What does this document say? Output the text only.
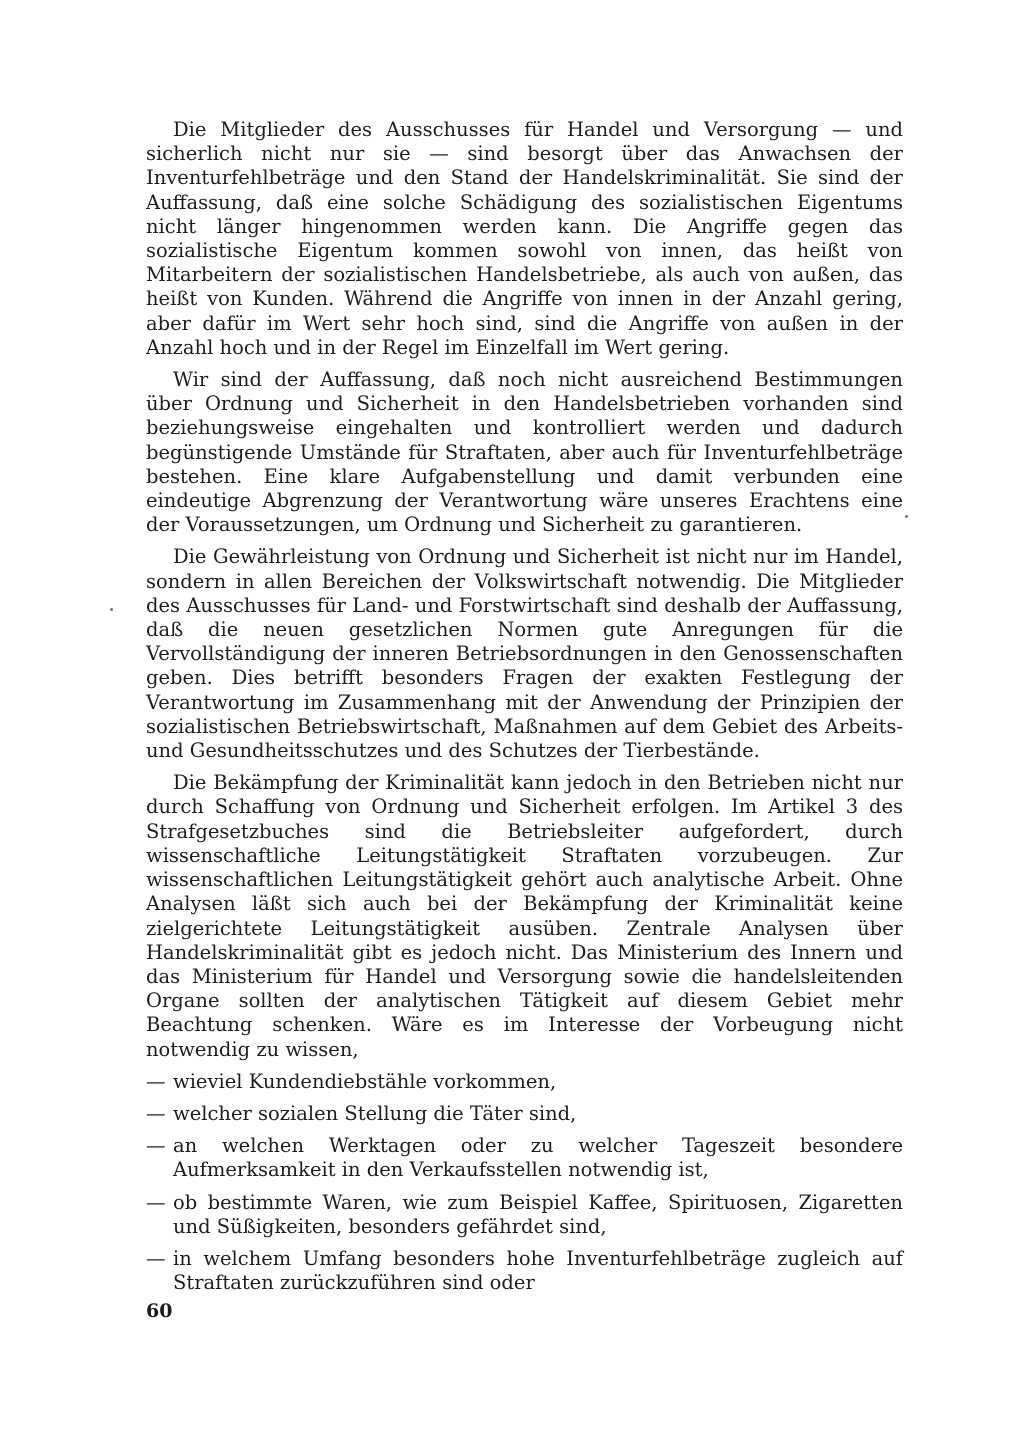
Die Mitglieder des Ausschusses für Handel und Versorgung — und sicherlich nicht nur sie — sind besorgt über das Anwachsen der Inventurfehlbeträge und den Stand der Handelskriminalität. Sie sind der Auffassung, daß eine solche Schädigung des sozialistischen Eigentums nicht länger hingenommen werden kann. Die Angriffe gegen das sozialistische Eigentum kommen sowohl von innen, das heißt von Mitarbeitern der sozialistischen Handelsbetriebe, als auch von außen, das heißt von Kunden. Während die Angriffe von innen in der Anzahl gering, aber dafür im Wert sehr hoch sind, sind die Angriffe von außen in der Anzahl hoch und in der Regel im Einzelfall im Wert gering.

Wir sind der Auffassung, daß noch nicht ausreichend Bestimmungen über Ordnung und Sicherheit in den Handelsbetrieben vorhanden sind beziehungsweise eingehalten und kontrolliert werden und dadurch begünstigende Umstände für Straftaten, aber auch für Inventurfehlbeträge bestehen. Eine klare Aufgabenstellung und damit verbunden eine eindeutige Abgrenzung der Verantwortung wäre unseres Erachtens eine der Voraussetzungen, um Ordnung und Sicherheit zu garantieren.

Die Gewährleistung von Ordnung und Sicherheit ist nicht nur im Handel, sondern in allen Bereichen der Volkswirtschaft notwendig. Die Mitglieder des Ausschusses für Land- und Forstwirtschaft sind deshalb der Auffassung, daß die neuen gesetzlichen Normen gute Anregungen für die Vervollständigung der inneren Betriebsordnungen in den Genossenschaften geben. Dies betrifft besonders Fragen der exakten Festlegung der Verantwortung im Zusammenhang mit der Anwendung der Prinzipien der sozialistischen Betriebswirtschaft, Maßnahmen auf dem Gebiet des Arbeits- und Gesundheitsschutzes und des Schutzes der Tierbestände.

Die Bekämpfung der Kriminalität kann jedoch in den Betrieben nicht nur durch Schaffung von Ordnung und Sicherheit erfolgen. Im Artikel 3 des Strafgesetzbuches sind die Betriebsleiter aufgefordert, durch wissenschaftliche Leitungstätigkeit Straftaten vorzubeugen. Zur wissenschaftlichen Leitungstätigkeit gehört auch analytische Arbeit. Ohne Analysen läßt sich auch bei der Bekämpfung der Kriminalität keine zielgerichtete Leitungstätigkeit ausüben. Zentrale Analysen über Handelskriminalität gibt es jedoch nicht. Das Ministerium des Innern und das Ministerium für Handel und Versorgung sowie die handelsleitenden Organe sollten der analytischen Tätigkeit auf diesem Gebiet mehr Beachtung schenken. Wäre es im Interesse der Vorbeugung nicht notwendig zu wissen,

— wieviel Kundendiebstähle vorkommen,
— welcher sozialen Stellung die Täter sind,
— an welchen Werktagen oder zu welcher Tageszeit besondere Aufmerksamkeit in den Verkaufsstellen notwendig ist,
— ob bestimmte Waren, wie zum Beispiel Kaffee, Spirituosen, Zigaretten und Süßigkeiten, besonders gefährdet sind,
— in welchem Umfang besonders hohe Inventurfehlbeträge zugleich auf Straftaten zurückzuführen sind oder
60
